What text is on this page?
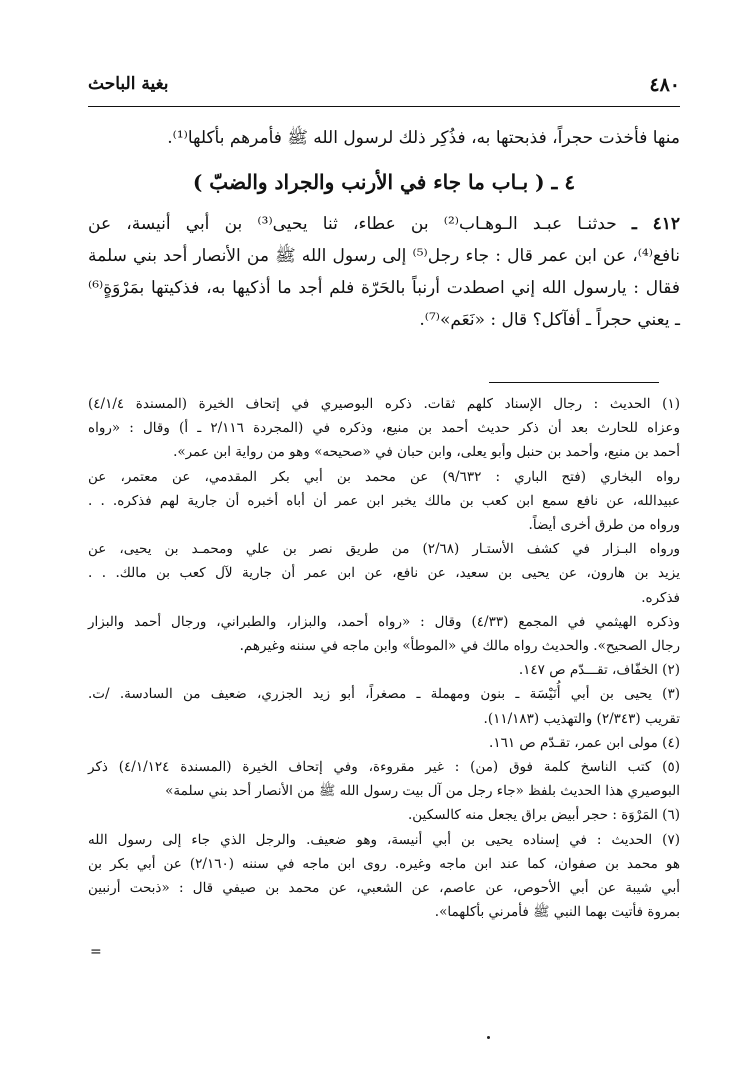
٤٨٠
بغية الباحث
منها فأخذت حجراً، فذبحتها به، فذُكِر ذلك لرسول الله ﷺ فأمرهم بأكلها⁽¹⁾.
٤ ـ ( بـاب ما جاء في الأرنب والجراد والضبّ )
٤١٢ ـ حدثنـا عبـد الـوهـاب⁽²⁾ بن عطاء، ثنا يحيى⁽³⁾ بن أبي أنيسة، عن
نافع⁽⁴⁾، عن ابن عمر قال : جاء رجل⁽⁵⁾ إلى رسول الله ﷺ من الأنصار أحد بني سلمة
فقال : يارسول الله إني اصطدت أرنباً بالحَرّة فلم أجد ما أذكيها به، فذكيتها بمَرْوَةٍ⁽⁶⁾
ـ يعني حجراً ـ أفآكل؟ قال : «نَعَم»⁽⁷⁾.
(١) الحديث : رجال الإسناد كلهم ثقات. ذكره البوصيري في إتحاف الخيرة (المسندة ٤/١/٤)
وعزاه للحارث بعد أن ذكر حديث أحمد بن منيع، وذكره في (المجردة ٢/١١٦ ـ أ) وقال : «رواه
أحمد بن منيع، وأحمد بن حنبل وأبو يعلى، وابن حبان في «صحيحه» وهو من رواية ابن عمر».
رواه البخاري (فتح الباري : ٩/٦٣٢) عن محمد بن أبي بكر المقدمي، عن معتمر، عن
عبيدالله، عن نافع سمع ابن كعب بن مالك يخبر ابن عمر أن أباه أخبره أن جارية لهم فذكره. . .
ورواه من طرق أخرى أيضاً.
ورواه البـزار في كشف الأستـار (٢/٦٨) من طريق نصر بن علي ومحمـد بن يحيى، عن
يزيد بن هارون، عن يحيى بن سعيد، عن نافع، عن ابن عمر أن جارية لآل كعب بن مالك. . .
فذكره.
وذكره الهيثمي في المجمع (٤/٣٣) وقال : «رواه أحمد، والبزار، والطبراني، ورجال أحمد والبزار
رجال الصحيح». والحديث رواه مالك في «الموطأ» وابن ماجه في سننه وغيرهم.
(٢) الخفّاف، تقـــدّم ص ١٤٧.
(٣) يحيى بن أبي أُنَيْسَة ـ بنون ومهملة ـ مصغراً، أبو زيد الجزري، ضعيف من السادسة. /ت.
تقريب (٢/٣٤٣) والتهذيب (١١/١٨٣).
(٤) مولى ابن عمر، تقـدّم ص ١٦١.
(٥) كتب الناسخ كلمة فوق (من) : غير مقروءة، وفي إتحاف الخيرة (المسندة ٤/١/١٢٤) ذكر
البوصيري هذا الحديث بلفظ «جاء رجل من آل بيت رسول الله ﷺ من الأنصار أحد بني سلمة»
(٦) المَرْوَة : حجر أبيض براق يجعل منه كالسكين.
(٧) الحديث : في إسناده يحيى بن أبي أنيسة، وهو ضعيف. والرجل الذي جاء إلى رسول الله
هو محمد بن صفوان، كما عند ابن ماجه وغيره. روى ابن ماجه في سننه (٢/١٦٠) عن أبي بكر بن
أبي شيبة عن أبي الأحوص، عن عاصم، عن الشعبي، عن محمد بن صيفي قال : «ذبحت أرنبين
بمروة فأتيت بهما النبي ﷺ فأمرني بأكلهما».
=
